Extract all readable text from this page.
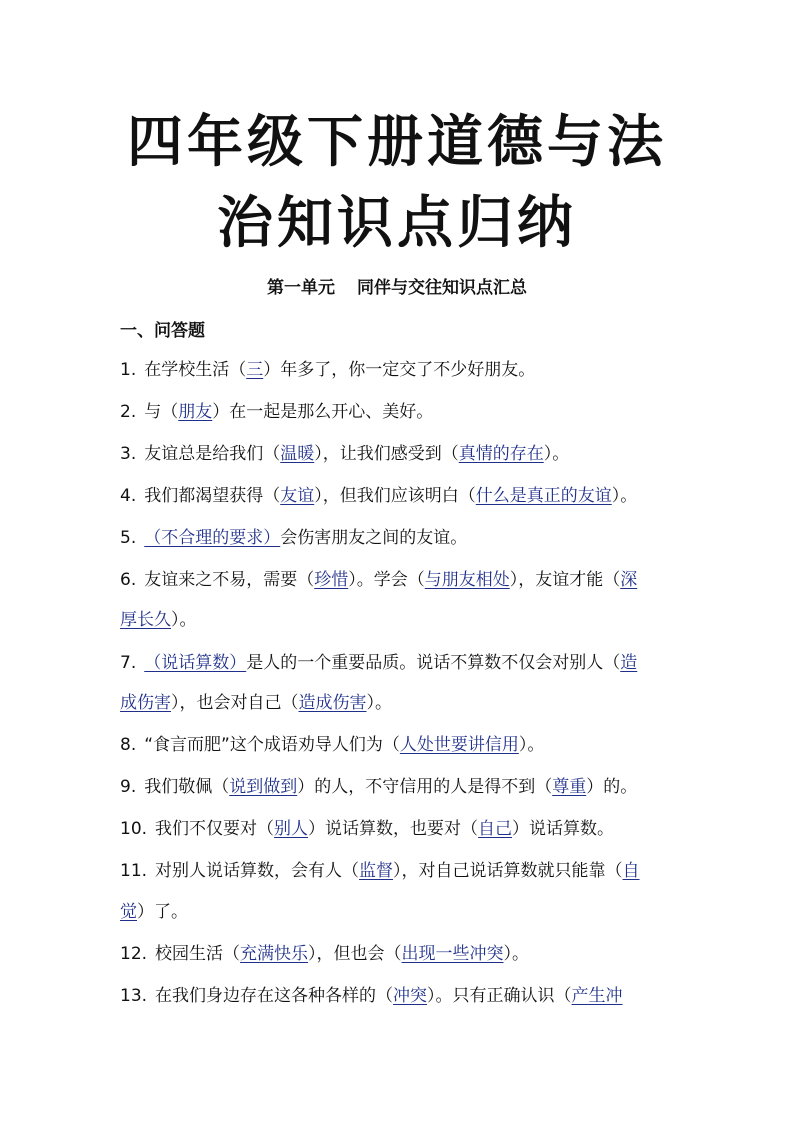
四年级下册道德与法
治知识点归纳
第一单元 同伴与交往知识点汇总
一、问答题
1. 在学校生活（三）年多了，你一定交了不少好朋友。
2. 与（朋友）在一起是那么开心、美好。
3. 友谊总是给我们（温暖），让我们感受到（真情的存在）。
4. 我们都渴望获得（友谊），但我们应该明白（什么是真正的友谊）。
5. （不合理的要求）会伤害朋友之间的友谊。
6. 友谊来之不易，需要（珍惜）。学会（与朋友相处），友谊才能（深
厚长久）。
7. （说话算数）是人的一个重要品质。说话不算数不仅会对别人（造
成伤害），也会对自己（造成伤害）。
8. “食言而肥”这个成语劝导人们为（人处世要讲信用）。
9. 我们敬佩（说到做到）的人，不守信用的人是得不到（尊重）的。
10. 我们不仅要对（别人）说话算数，也要对（自己）说话算数。
11. 对别人说话算数，会有人（监督），对自己说话算数就只能靠（自
觉）了。
12. 校园生活（充满快乐），但也会（出现一些冲突）。
13. 在我们身边存在这各种各样的（冲突）。只有正确认识（产生冲
